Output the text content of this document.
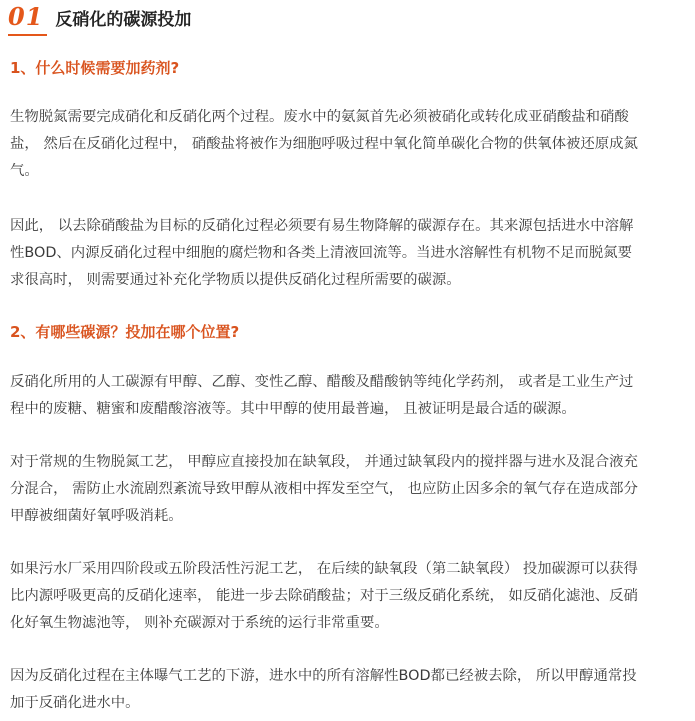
01 反硝化的碳源投加
1、什么时候需要加药剂?
生物脱氮需要完成硝化和反硝化两个过程。废水中的氨氮首先必须被硝化或转化成亚硝酸盐和硝酸
盐， 然后在反硝化过程中， 硝酸盐将被作为细胞呼吸过程中氧化简单碳化合物的供氧体被还原成氮
气。
因此， 以去除硝酸盐为目标的反硝化过程必须要有易生物降解的碳源存在。其来源包括进水中溶解
性BOD、内源反硝化过程中细胞的腐烂物和各类上清液回流等。当进水溶解性有机物不足而脱氮要
求很高时， 则需要通过补充化学物质以提供反硝化过程所需要的碳源。
2、有哪些碳源？投加在哪个位置?
反硝化所用的人工碳源有甲醇、乙醇、变性乙醇、醋酸及醋酸钠等纯化学药剂， 或者是工业生产过
程中的废糖、糖蜜和废醋酸溶液等。其中甲醇的使用最普遍， 且被证明是最合适的碳源。
对于常规的生物脱氮工艺， 甲醇应直接投加在缺氧段， 并通过缺氧段内的搅拌器与进水及混合液充
分混合， 需防止水流剧烈紊流导致甲醇从液相中挥发至空气， 也应防止因多余的氧气存在造成部分
甲醇被细菌好氧呼吸消耗。
如果污水厂采用四阶段或五阶段活性污泥工艺， 在后续的缺氧段（第二缺氧段） 投加碳源可以获得
比内源呼吸更高的反硝化速率， 能进一步去除硝酸盐；对于三级反硝化系统， 如反硝化滤池、反硝
化好氧生物滤池等， 则补充碳源对于系统的运行非常重要。
因为反硝化过程在主体曝气工艺的下游，进水中的所有溶解性BOD都已经被去除， 所以甲醇通常投
加于反硝化进水中。
